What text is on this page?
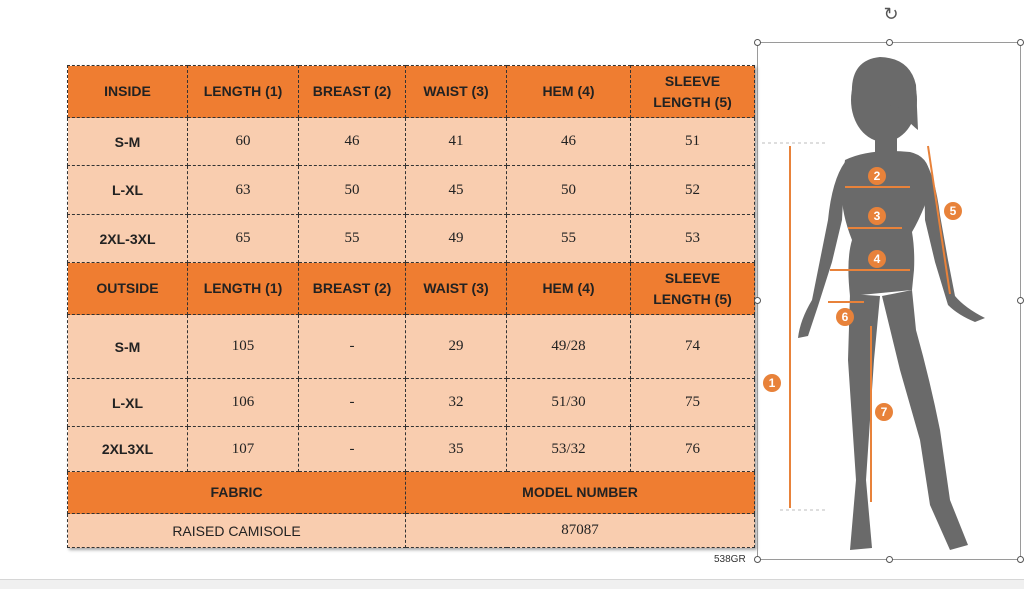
INSIDE	LENGTH (1)	BREAST (2)	WAIST (3)	HEM (4)	SLEEVE
LENGTH (5)
S-M	60	46	41	46	51
L-XL	63	50	45	50	52
2XL-3XL	65	55	49	55	53
OUTSIDE	LENGTH (1)	BREAST (2)	WAIST (3)	HEM (4)	SLEEVE
LENGTH (5)
S-M	105	-	29	49/28	74
L-XL	106	-	32	51/30	75
2XL3XL	107	-	35	53/32	76
FABRIC			MODEL NUMBER		
RAISED CAMISOLE			87087		
↻
538GR
1
2
3
4
5
6
7
